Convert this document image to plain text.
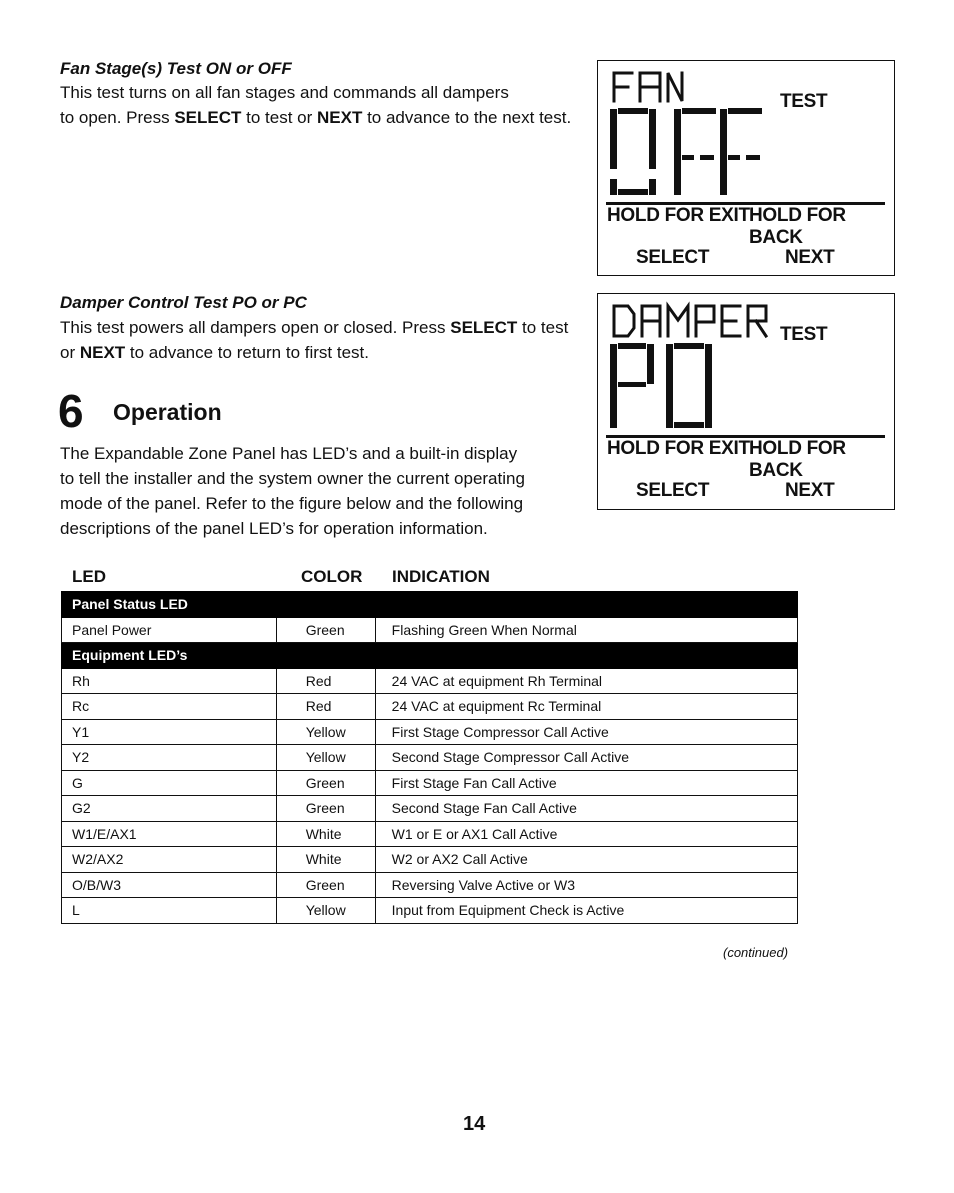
Fan Stage(s) Test ON or OFF
This test turns on all fan stages and commands all dampers
to open. Press SELECT to test or NEXT to advance to the next test.
TEST
HOLD FOR EXIT HOLD FOR BACK
SELECT	NEXT
Damper Control Test PO or PC
This test powers all dampers open or closed. Press SELECT to test
or NEXT to advance to return to first test.
TEST
HOLD FOR EXIT HOLD FOR BACK
SELECT	NEXT
6 Operation
The Expandable Zone Panel has LED’s and a built-in display
to tell the installer and the system owner the current operating
mode of the panel. Refer to the figure below and the following
descriptions of the panel LED’s for operation information.
LED	COLOR INDICATION
Panel Status LED		
Panel Power	Green	Flashing Green When Normal
Equipment LED’s		
Rh	Red	24 VAC at equipment Rh Terminal
Rc	Red	24 VAC at equipment Rc Terminal
Y1	Yellow	First Stage Compressor Call Active
Y2	Yellow	Second Stage Compressor Call Active
G	Green	First Stage Fan Call Active
G2	Green	Second Stage Fan Call Active
W1/E/AX1	White	W1 or E or AX1 Call Active
W2/AX2	White	W2 or AX2 Call Active
O/B/W3	Green	Reversing Valve Active or W3
L	Yellow	Input from Equipment Check is Active
(continued)
14
